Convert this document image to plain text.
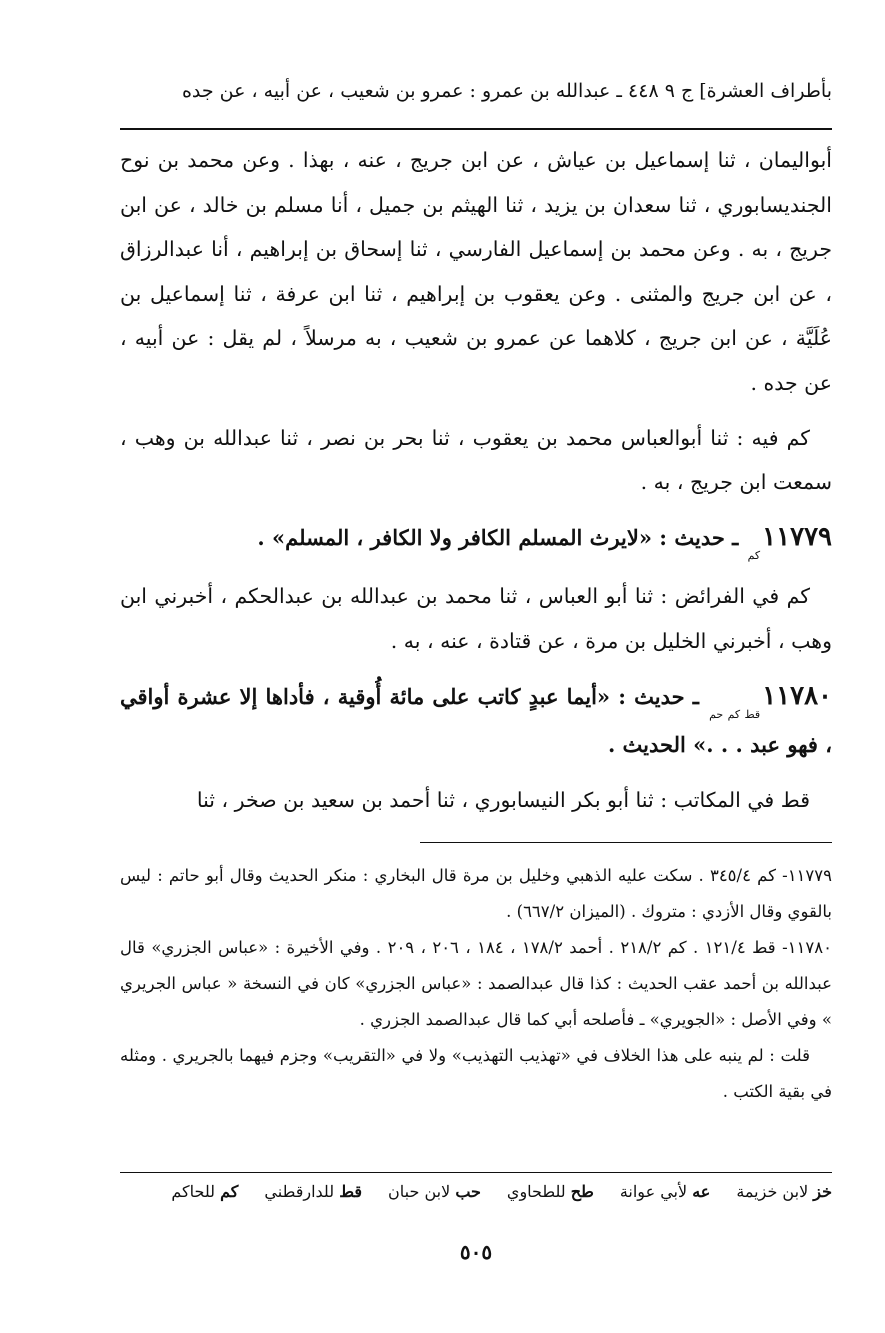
بأطراف العشرة] ج ٩ ٤٤٨ ـ عبدالله بن عمرو : عمرو بن شعيب ، عن أبيه ، عن جده

أبواليمان ، ثنا إسماعيل بن عياش ، عن ابن جريج ، عنه ، بهذا . وعن محمد بن نوح الجنديسابوري ، ثنا سعدان بن يزيد ، ثنا الهيثم بن جميل ، أنا مسلم بن خالد ، عن ابن جريج ، به . وعن محمد بن إسماعيل الفارسي ، ثنا إسحاق بن إبراهيم ، أنا عبدالرزاق ، عن ابن جريج والمثنى . وعن يعقوب بن إبراهيم ، ثنا ابن عرفة ، ثنا إسماعيل بن عُلَيَّة ، عن ابن جريج ، كلاهما عن عمرو بن شعيب ، به مرسلاً ، لم يقل : عن أبيه ، عن جده .

كم فيه : ثنا أبوالعباس محمد بن يعقوب ، ثنا بحر بن نصر ، ثنا عبدالله بن وهب ، سمعت ابن جريج ، به .

$١١٧٧٩_{كم}$ ـ حديث : «لايرث المسلم الكافر ولا الكافر ، المسلم» .

كم في الفرائض : ثنا أبو العباس ، ثنا محمد بن عبدالله بن عبدالحكم ، أخبرني ابن وهب ، أخبرني الخليل بن مرة ، عن قتادة ، عنه ، به .

$١١٧٨٠_{قط كم حم}$ ـ حديث : «أيما عبدٍ كاتب على مائة أُوقية ، فأداها إلا عشرة أواقي ، فهو عبد . . .» الحديث .

قط في المكاتب : ثنا أبو بكر النيسابوري ، ثنا أحمد بن سعيد بن صخر ، ثنا

١١٧٧٩- كم ٣٤٥/٤ . سكت عليه الذهبي وخليل بن مرة قال البخاري : منكر الحديث وقال أبو حاتم : ليس بالقوي وقال الأزدي : متروك . (الميزان ٦٦٧/٢) .

١١٧٨٠- قط ١٢١/٤ . كم ٢١٨/٢ . أحمد ١٧٨/٢ ، ١٨٤ ، ٢٠٦ ، ٢٠٩ . وفي الأخيرة : «عباس الجزري» قال عبدالله بن أحمد عقب الحديث : كذا قال عبدالصمد : «عباس الجزري» كان في النسخة « عباس الجريري » وفي الأصل : «الجويري» ـ فأصلحه أبي كما قال عبدالصمد الجزري .

قلت : لم ينبه على هذا الخلاف في «تهذيب التهذيب» ولا في «التقريب» وجزم فيهما بالجريري . ومثله في بقية الكتب .

خز لابن خزيمة
عه لأبي عوانة
طح للطحاوي
حب لابن حبان
قط للدارقطني
كم للحاكم
٥٠٥
